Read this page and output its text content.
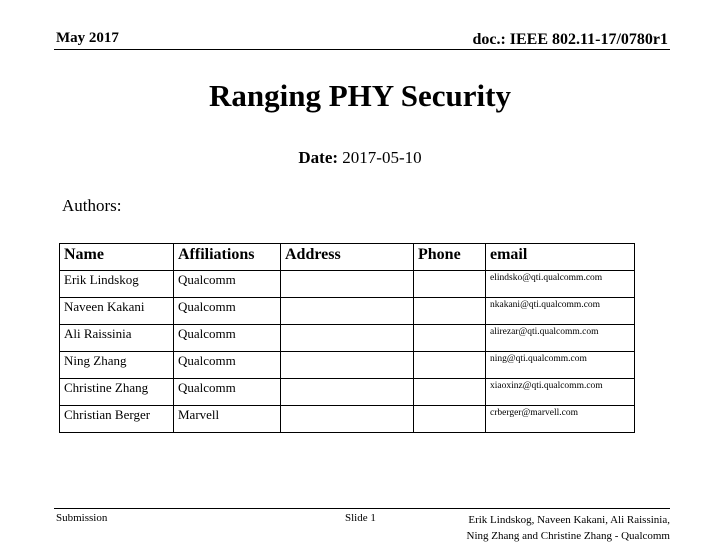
May 2017	doc.: IEEE 802.11-17/0780r1
Ranging PHY Security
Date: 2017-05-10
Authors:
Name	Affiliations	Address	Phone	email
Erik Lindskog	Qualcomm			elindsko@qti.qualcomm.com
Naveen Kakani	Qualcomm			nkakani@qti.qualcomm.com
Ali Raissinia	Qualcomm			alirezar@qti.qualcomm.com
Ning Zhang	Qualcomm			ning@qti.qualcomm.com
Christine Zhang	Qualcomm			xiaoxinz@qti.qualcomm.com
Christian Berger	Marvell			crberger@marvell.com
Submission	Slide 1	Erik Lindskog, Naveen Kakani, Ali Raissinia,
Ning Zhang and Christine Zhang - Qualcomm
